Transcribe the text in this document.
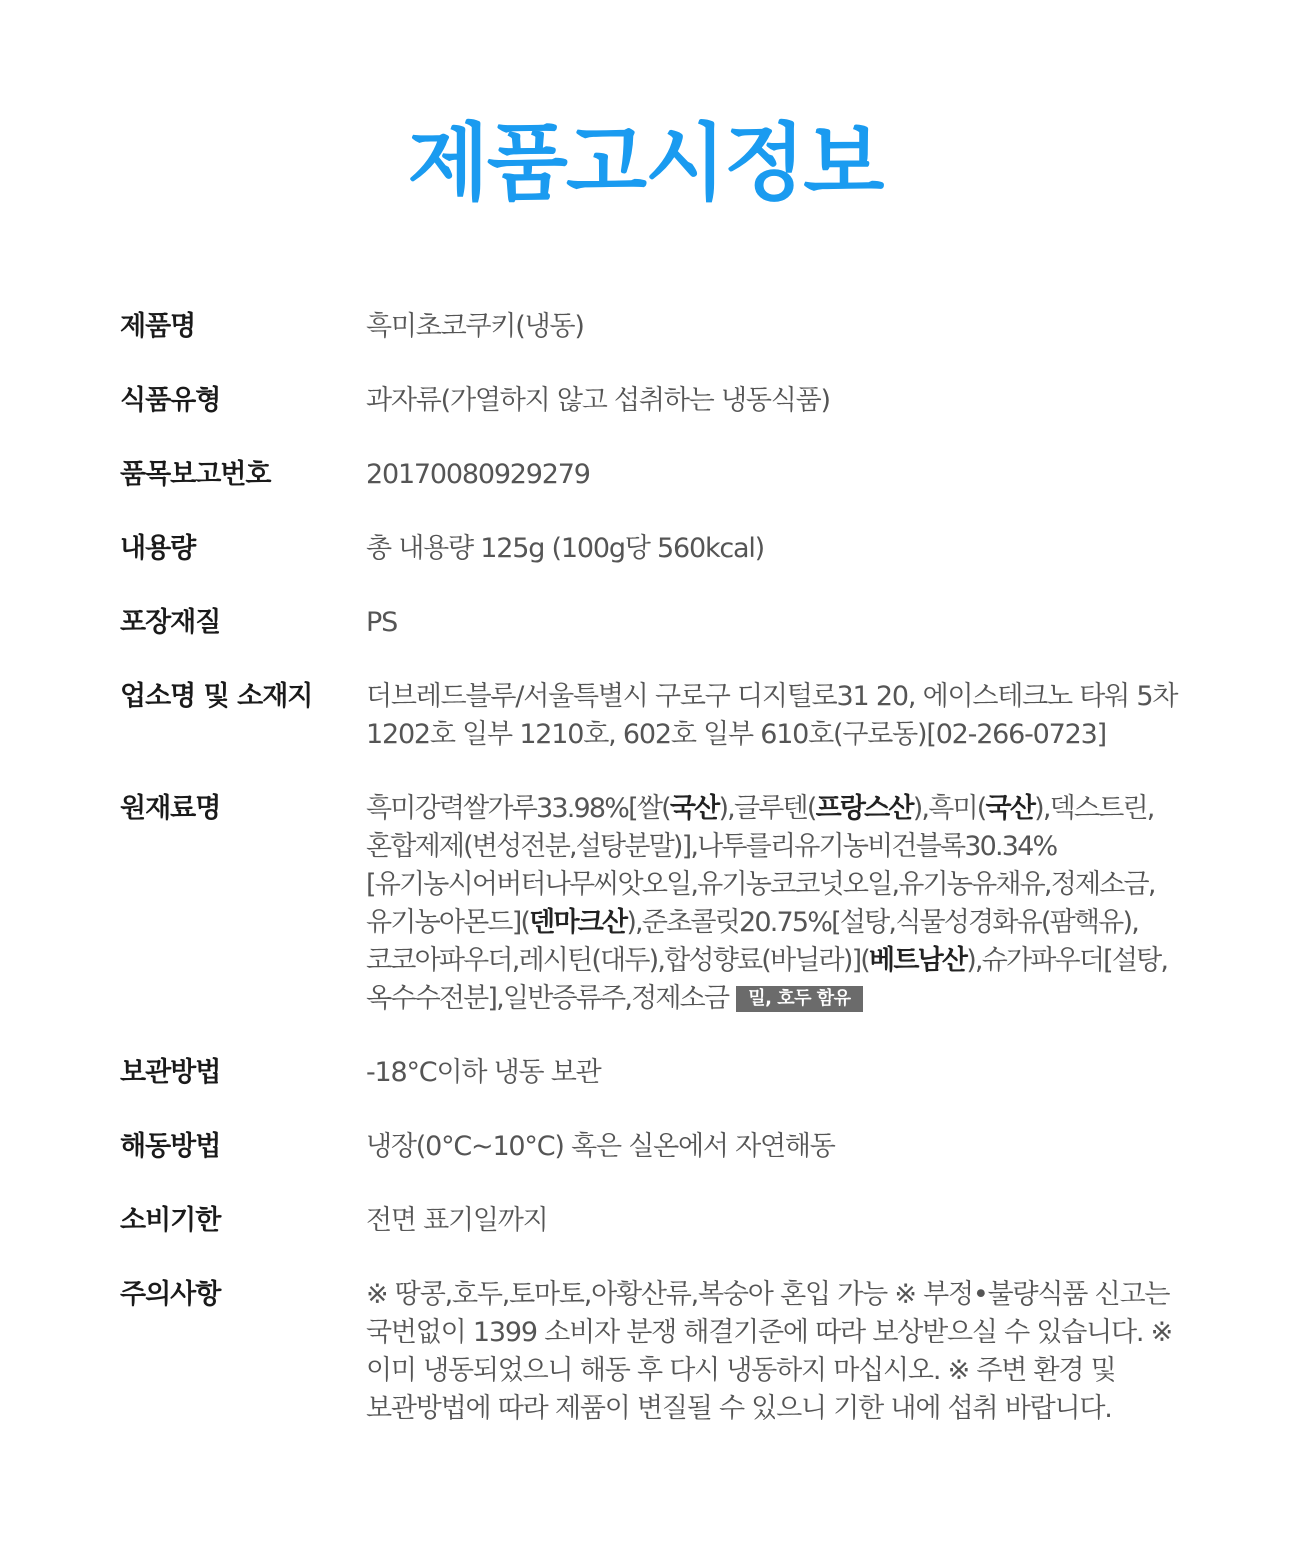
제품고시정보
제품명	흑미초코쿠키(냉동)
식품유형	과자류(가열하지 않고 섭취하는 냉동식품)
품목보고번호	20170080929279
내용량	총 내용량 125g (100g당 560kcal)
포장재질	PS
업소명 및 소재지	더브레드블루/서울특별시 구로구 디지털로31 20, 에이스테크노 타워 5차 1202호 일부 1210호, 602호 일부 610호(구로동)[02-266-0723]
원재료명	흑미강력쌀가루33.98%[쌀(국산),글루텐(프랑스산),흑미(국산),덱스트린,혼합제제(변성전분,설탕분말)],나투를리유기농비건블록30.34%[유기농시어버터나무씨앗오일,유기농코코넛오일,유기농유채유,정제소금,유기농아몬드](덴마크산),준초콜릿20.75%[설탕,식물성경화유(팜핵유),코코아파우더,레시틴(대두),합성향료(바닐라)](베트남산),슈가파우더[설탕,옥수수전분],일반증류주,정제소금 밀, 호두 함유
보관방법	-18°C이하 냉동 보관
해동방법	냉장(0°C~10°C) 혹은 실온에서 자연해동
소비기한	전면 표기일까지
주의사항	※ 땅콩,호두,토마토,아황산류,복숭아 혼입 가능 ※ 부정•불량식품 신고는 국번없이 1399 소비자 분쟁 해결기준에 따라 보상받으실 수 있습니다. ※ 이미 냉동되었으니 해동 후 다시 냉동하지 마십시오. ※ 주변 환경 및 보관방법에 따라 제품이 변질될 수 있으니 기한 내에 섭취 바랍니다.
